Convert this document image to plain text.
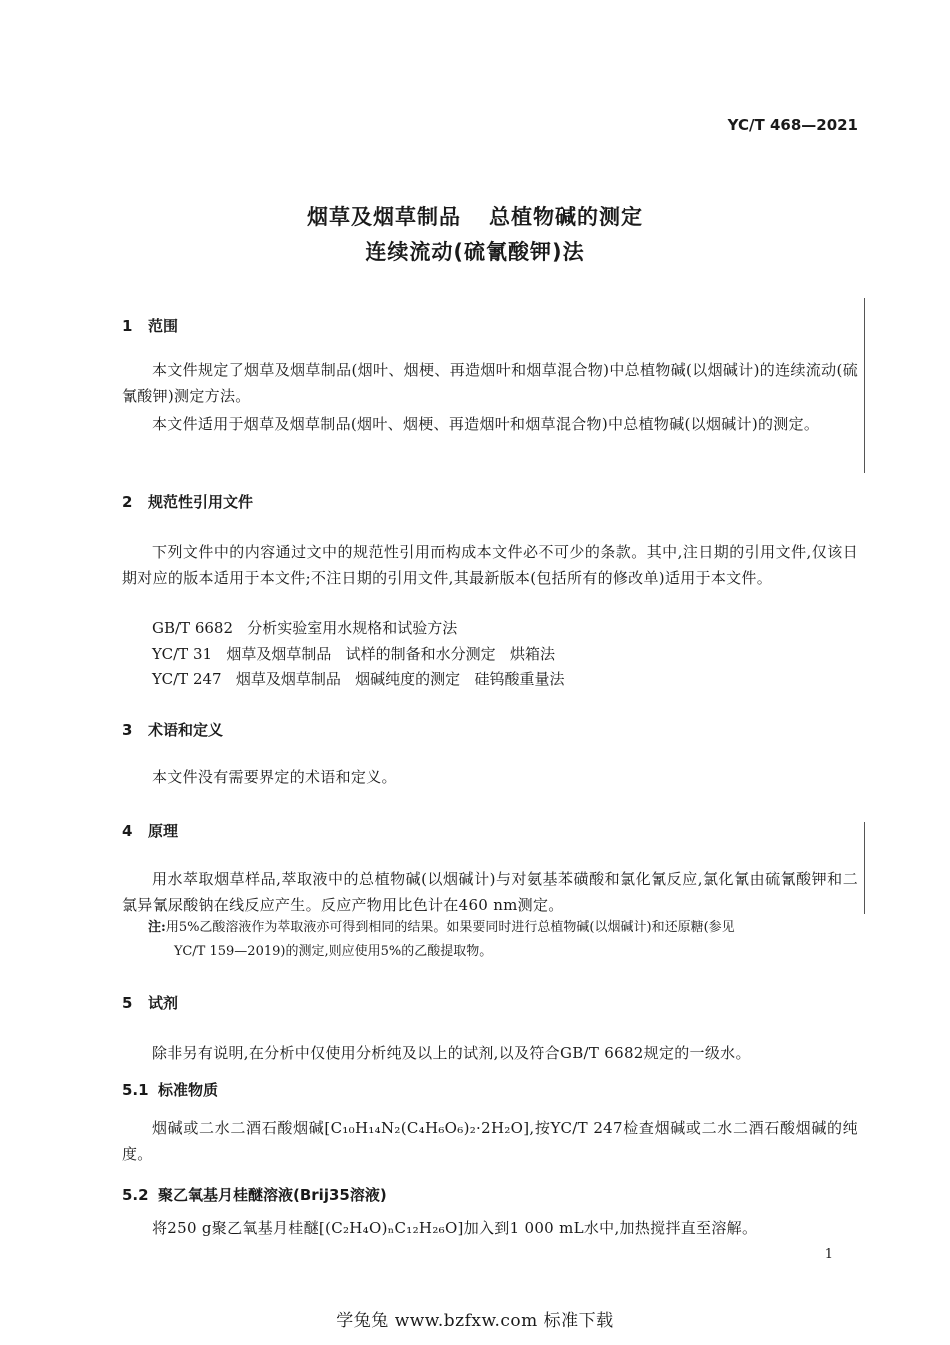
YC/T 468—2021
烟草及烟草制品 总植物碱的测定
连续流动(硫氰酸钾)法
1 范围
本文件规定了烟草及烟草制品(烟叶、烟梗、再造烟叶和烟草混合物)中总植物碱(以烟碱计)的连续流动(硫氰酸钾)测定方法。
本文件适用于烟草及烟草制品(烟叶、烟梗、再造烟叶和烟草混合物)中总植物碱(以烟碱计)的测定。
2 规范性引用文件
下列文件中的内容通过文中的规范性引用而构成本文件必不可少的条款。其中,注日期的引用文件,仅该日期对应的版本适用于本文件;不注日期的引用文件,其最新版本(包括所有的修改单)适用于本文件。
GB/T 6682   分析实验室用水规格和试验方法
YC/T 31   烟草及烟草制品   试样的制备和水分测定   烘箱法
YC/T 247   烟草及烟草制品   烟碱纯度的测定   硅钨酸重量法
3 术语和定义
本文件没有需要界定的术语和定义。
4 原理
用水萃取烟草样品,萃取液中的总植物碱(以烟碱计)与对氨基苯磺酸和氯化氰反应,氯化氰由硫氰酸钾和二氯异氰尿酸钠在线反应产生。反应产物用比色计在460 nm测定。
注:用5%乙酸溶液作为萃取液亦可得到相同的结果。如果要同时进行总植物碱(以烟碱计)和还原糖(参见
YC/T 159—2019)的测定,则应使用5%的乙酸提取物。
5 试剂
除非另有说明,在分析中仅使用分析纯及以上的试剂,以及符合GB/T 6682规定的一级水。
5.1 标准物质
烟碱或二水二酒石酸烟碱[C₁₀H₁₄N₂(C₄H₆O₆)₂·2H₂O],按YC/T 247检查烟碱或二水二酒石酸烟碱的纯度。
5.2 聚乙氧基月桂醚溶液(Brij35溶液)
将250 g聚乙氧基月桂醚[(C₂H₄O)ₙC₁₂H₂₆O]加入到1 000 mL水中,加热搅拌直至溶解。
1
学兔兔 www.bzfxw.com 标准下载
